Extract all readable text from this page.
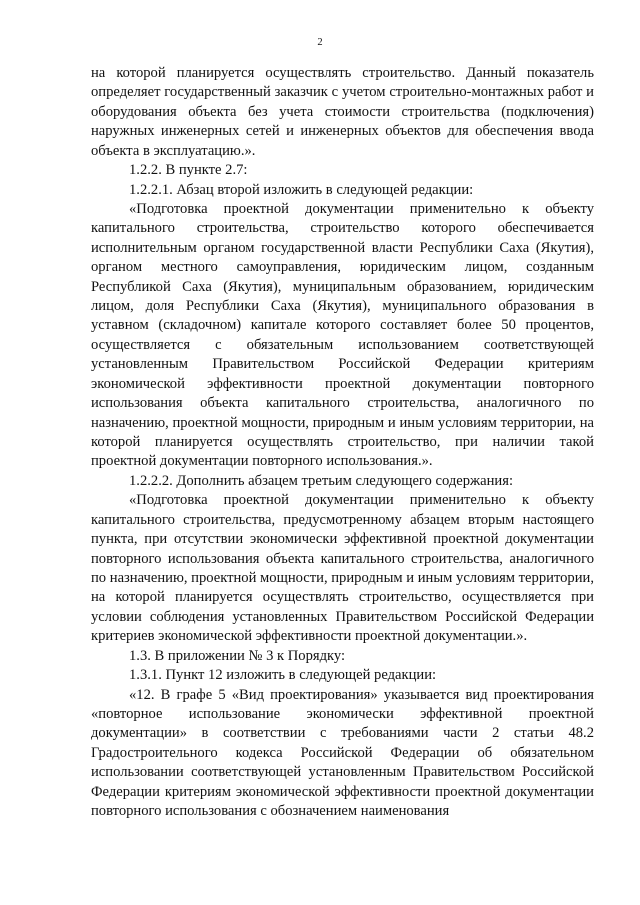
2

на которой планируется осуществлять строительство. Данный показатель определяет государственный заказчик с учетом строительно-монтажных работ и оборудования объекта без учета стоимости строительства (подключения) наружных инженерных сетей и инженерных объектов для обеспечения ввода объекта в эксплуатацию.».

1.2.2. В пункте 2.7:

1.2.2.1. Абзац второй изложить в следующей редакции:

«Подготовка проектной документации применительно к объекту капитального строительства, строительство которого обеспечивается исполнительным органом государственной власти Республики Саха (Якутия), органом местного самоуправления, юридическим лицом, созданным Республикой Саха (Якутия), муниципальным образованием, юридическим лицом, доля Республики Саха (Якутия), муниципального образования в уставном (складочном) капитале которого составляет более 50 процентов, осуществляется с обязательным использованием соответствующей установленным Правительством Российской Федерации критериям экономической эффективности проектной документации повторного использования объекта капитального строительства, аналогичного по назначению, проектной мощности, природным и иным условиям территории, на которой планируется осуществлять строительство, при наличии такой проектной документации повторного использования.».

1.2.2.2. Дополнить абзацем третьим следующего содержания:

«Подготовка проектной документации применительно к объекту капитального строительства, предусмотренному абзацем вторым настоящего пункта, при отсутствии экономически эффективной проектной документации повторного использования объекта капитального строительства, аналогичного по назначению, проектной мощности, природным и иным условиям территории, на которой планируется осуществлять строительство, осуществляется при условии соблюдения установленных Правительством Российской Федерации критериев экономической эффективности проектной документации.».

1.3. В приложении № 3 к Порядку:

1.3.1. Пункт 12 изложить в следующей редакции:

«12. В графе 5 «Вид проектирования» указывается вид проектирования «повторное использование экономически эффективной проектной документации» в соответствии с требованиями части 2 статьи 48.2 Градостроительного кодекса Российской Федерации об обязательном использовании соответствующей установленным Правительством Российской Федерации критериям экономической эффективности проектной документации повторного использования с обозначением наименования
